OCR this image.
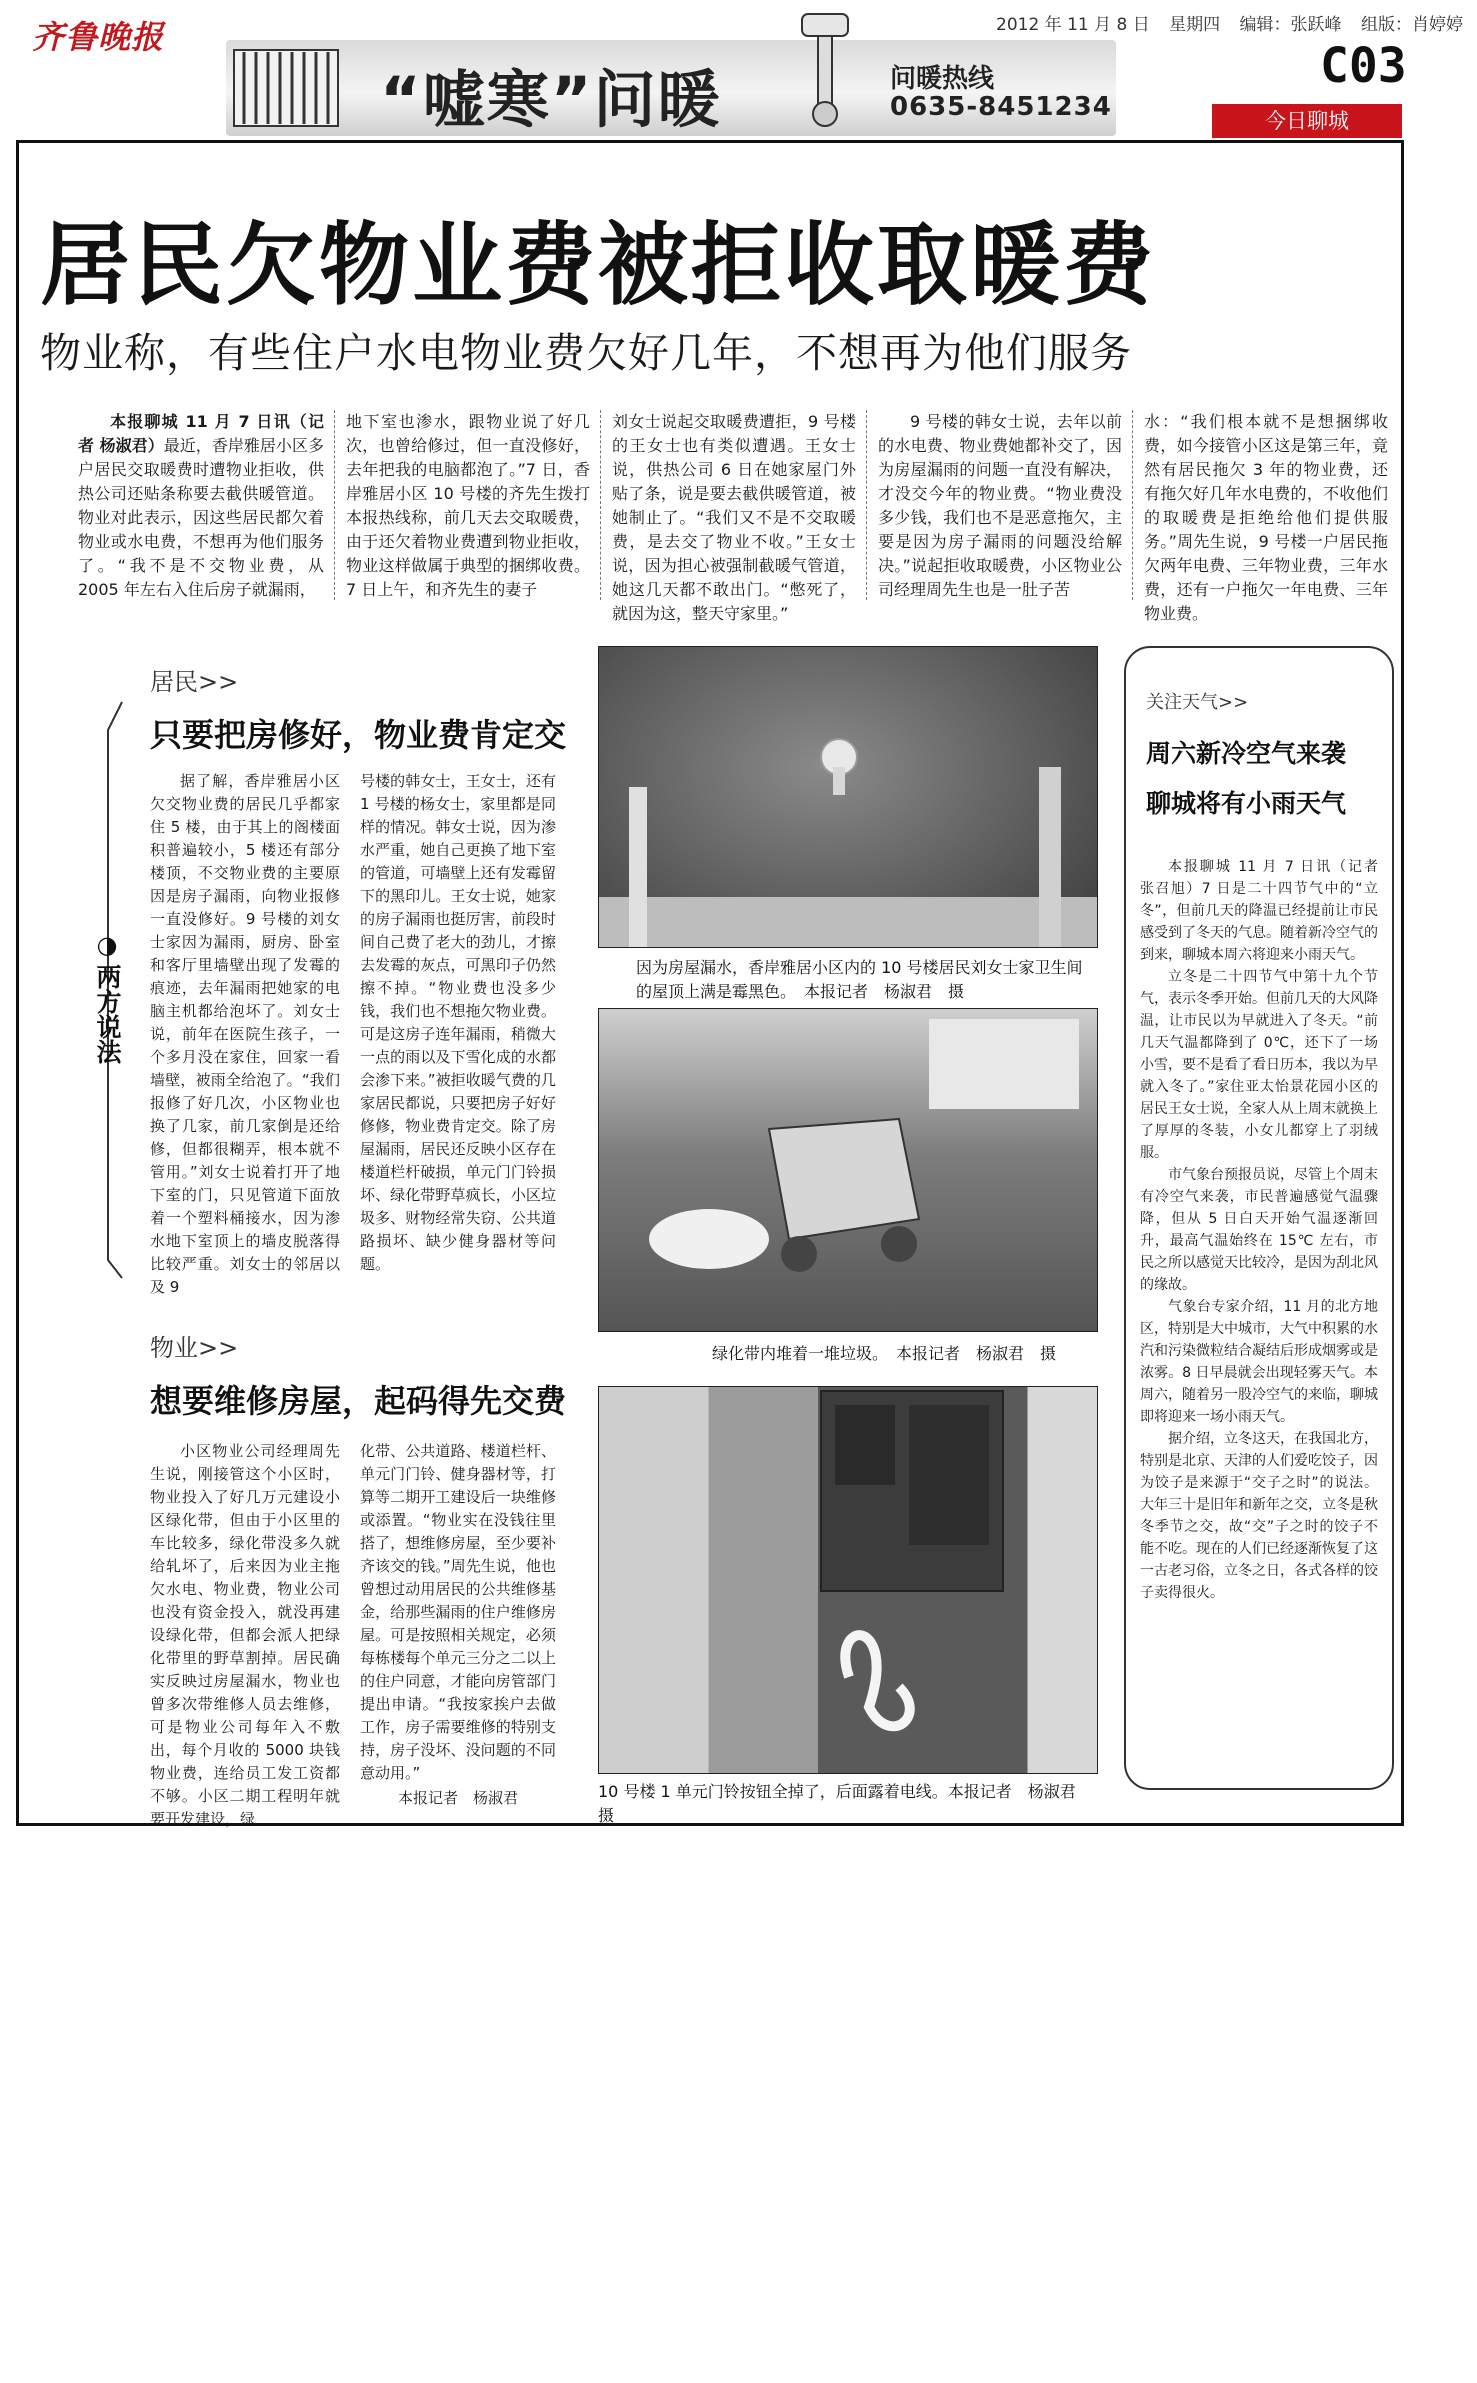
齐鲁晚报
“嘘寒”问暖	问暖热线
0635-8451234
2012 年 11 月 8 日 星期四 编辑：张跃峰 组版：肖婷婷
C03
今日聊城
居民欠物业费被拒收取暖费
物业称，有些住户水电物业费欠好几年，不想再为他们服务

本报聊城 11 月 7 日讯（记者 杨淑君）最近，香岸雅居小区多户居民交取暖费时遭物业拒收，供热公司还贴条称要去截供暖管道。物业对此表示，因这些居民都欠着物业或水电费，不想再为他们服务了。“我不是不交物业费，从 2005 年左右入住后房子就漏雨，

地下室也渗水，跟物业说了好几次，也曾给修过，但一直没修好，去年把我的电脑都泡了。”7 日，香岸雅居小区 10 号楼的齐先生拨打本报热线称，前几天去交取暖费，由于还欠着物业费遭到物业拒收，物业这样做属于典型的捆绑收费。7 日上午，和齐先生的妻子

刘女士说起交取暖费遭拒，9 号楼的王女士也有类似遭遇。王女士说，供热公司 6 日在她家屋门外贴了条，说是要去截供暖管道，被她制止了。“我们又不是不交取暖费，是去交了物业不收。”王女士说，因为担心被强制截暖气管道，她这几天都不敢出门。“憋死了，就因为这，整天守家里。”

9 号楼的韩女士说，去年以前的水电费、物业费她都补交了，因为房屋漏雨的问题一直没有解决，才没交今年的物业费。“物业费没多少钱，我们也不是恶意拖欠，主要是因为房子漏雨的问题没给解决。”说起拒收取暖费，小区物业公司经理周先生也是一肚子苦

水：“我们根本就不是想捆绑收费，如今接管小区这是第三年，竟然有居民拖欠 3 年的物业费，还有拖欠好几年水电费的，不收他们的取暖费是拒绝给他们提供服务。”周先生说，9 号楼一户居民拖欠两年电费、三年物业费，三年水费，还有一户拖欠一年电费、三年物业费。

◑
两方说法
居民>>
只要把房修好，物业费肯定交

据了解，香岸雅居小区欠交物业费的居民几乎都家住 5 楼，由于其上的阁楼面积普遍较小，5 楼还有部分楼顶，不交物业费的主要原因是房子漏雨，向物业报修一直没修好。9 号楼的刘女士家因为漏雨，厨房、卧室和客厅里墙壁出现了发霉的痕迹，去年漏雨把她家的电脑主机都给泡坏了。刘女士说，前年在医院生孩子，一个多月没在家住，回家一看墙壁，被雨全给泡了。“我们报修了好几次，小区物业也换了几家，前几家倒是还给修，但都很糊弄，根本就不管用。”刘女士说着打开了地下室的门，只见管道下面放着一个塑料桶接水，因为渗水地下室顶上的墙皮脱落得比较严重。刘女士的邻居以及 9

号楼的韩女士，王女士，还有 1 号楼的杨女士，家里都是同样的情况。韩女士说，因为渗水严重，她自己更换了地下室的管道，可墙壁上还有发霉留下的黑印儿。王女士说，她家的房子漏雨也挺厉害，前段时间自己费了老大的劲儿，才擦去发霉的灰点，可黑印子仍然擦不掉。“物业费也没多少钱，我们也不想拖欠物业费。可是这房子连年漏雨，稍微大一点的雨以及下雪化成的水都会渗下来。”被拒收暖气费的几家居民都说，只要把房子好好修修，物业费肯定交。除了房屋漏雨，居民还反映小区存在楼道栏杆破损，单元门门铃损坏、绿化带野草疯长，小区垃圾多、财物经常失窃、公共道路损坏、缺少健身器材等问题。

物业>>
想要维修房屋，起码得先交费

小区物业公司经理周先生说，刚接管这个小区时，物业投入了好几万元建设小区绿化带，但由于小区里的车比较多，绿化带没多久就给轧坏了，后来因为业主拖欠水电、物业费，物业公司也没有资金投入，就没再建设绿化带，但都会派人把绿化带里的野草割掉。居民确实反映过房屋漏水，物业也曾多次带维修人员去维修，可是物业公司每年入不敷出，每个月收的 5000 块钱物业费，连给员工发工资都不够。小区二期工程明年就要开发建设，绿

化带、公共道路、楼道栏杆、单元门门铃、健身器材等，打算等二期开工建设后一块维修或添置。“物业实在没钱往里搭了，想维修房屋，至少要补齐该交的钱。”周先生说，他也曾想过动用居民的公共维修基金，给那些漏雨的住户维修房屋。可是按照相关规定，必须每栋楼每个单元三分之二以上的住户同意，才能向房管部门提出申请。“我按家挨户去做工作，房子需要维修的特别支持，房子没坏、没问题的不同意动用。”

本报记者　杨淑君

因为房屋漏水，香岸雅居小区内的 10 号楼居民刘女士家卫生间的屋顶上满是霉黑色。　本报记者　杨淑君　摄
绿化带内堆着一堆垃圾。　本报记者　杨淑君　摄
10 号楼 1 单元门铃按钮全掉了，后面露着电线。本报记者　杨淑君　摄
关注天气>>
周六新冷空气来袭
聊城将有小雨天气

本报聊城 11 月 7 日讯（记者　张召旭）7 日是二十四节气中的“立冬”，但前几天的降温已经提前让市民感受到了冬天的气息。随着新冷空气的到来，聊城本周六将迎来小雨天气。

立冬是二十四节气中第十九个节气，表示冬季开始。但前几天的大风降温，让市民以为早就进入了冬天。“前几天气温都降到了 0℃，还下了一场小雪，要不是看了看日历本，我以为早就入冬了。”家住亚太怡景花园小区的居民王女士说，全家人从上周末就换上了厚厚的冬装，小女儿都穿上了羽绒服。

市气象台预报员说，尽管上个周末有冷空气来袭，市民普遍感觉气温骤降，但从 5 日白天开始气温逐渐回升，最高气温始终在 15℃ 左右，市民之所以感觉天比较冷，是因为刮北风的缘故。

气象台专家介绍，11 月的北方地区，特别是大中城市，大气中积累的水汽和污染微粒结合凝结后形成烟雾或是浓雾。8 日早晨就会出现轻雾天气。本周六，随着另一股冷空气的来临，聊城即将迎来一场小雨天气。

据介绍，立冬这天，在我国北方，特别是北京、天津的人们爱吃饺子，因为饺子是来源于“交子之时”的说法。大年三十是旧年和新年之交，立冬是秋冬季节之交，故“交”子之时的饺子不能不吃。现在的人们已经逐渐恢复了这一古老习俗，立冬之日，各式各样的饺子卖得很火。
